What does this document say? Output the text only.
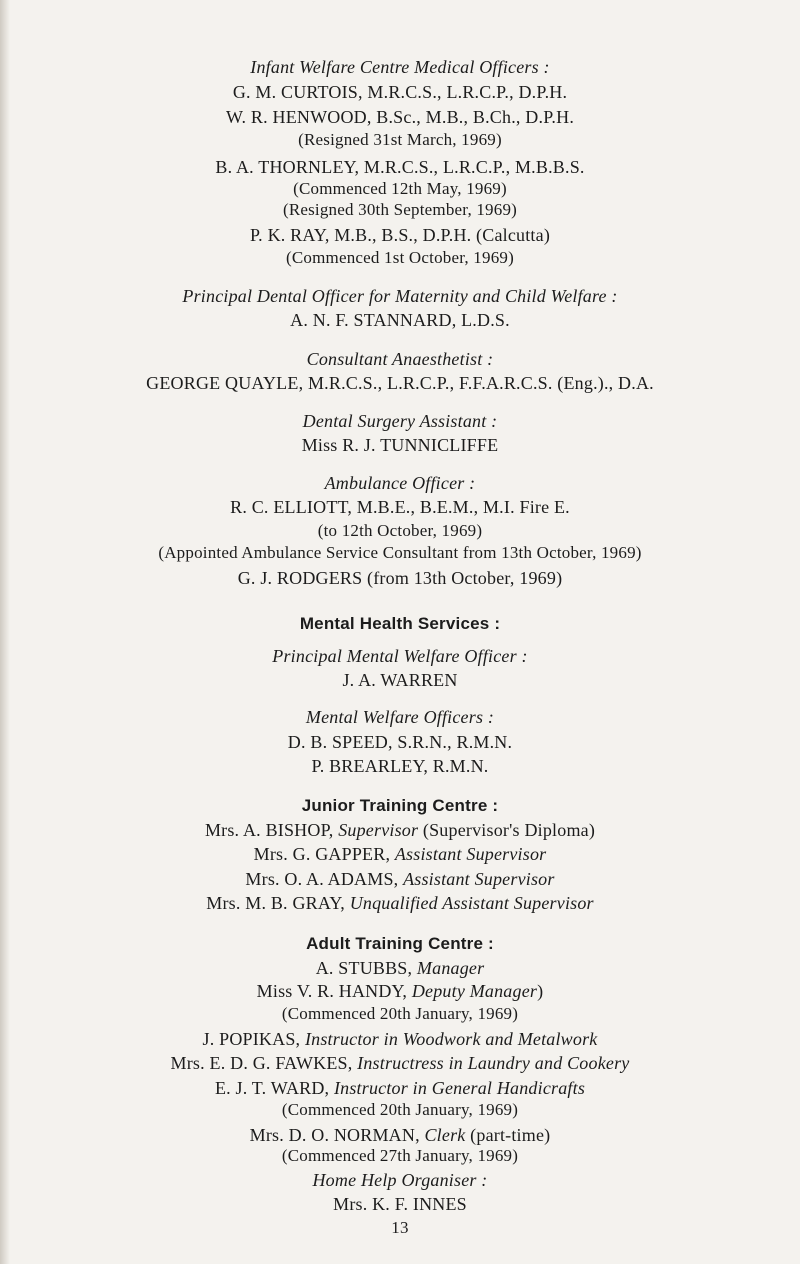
Infant Welfare Centre Medical Officers :
G. M. CURTOIS, M.R.C.S., L.R.C.P., D.P.H.
W. R. HENWOOD, B.Sc., M.B., B.Ch., D.P.H.
(Resigned 31st March, 1969)
B. A. THORNLEY, M.R.C.S., L.R.C.P., M.B.B.S.
(Commenced 12th May, 1969)
(Resigned 30th September, 1969)
P. K. RAY, M.B., B.S., D.P.H. (Calcutta)
(Commenced 1st October, 1969)
Principal Dental Officer for Maternity and Child Welfare :
A. N. F. STANNARD, L.D.S.
Consultant Anaesthetist :
GEORGE QUAYLE, M.R.C.S., L.R.C.P., F.F.A.R.C.S. (Eng.)., D.A.
Dental Surgery Assistant :
Miss R. J. TUNNICLIFFE
Ambulance Officer :
R. C. ELLIOTT, M.B.E., B.E.M., M.I. Fire E.
(to 12th October, 1969)
(Appointed Ambulance Service Consultant from 13th October, 1969)
G. J. RODGERS (from 13th October, 1969)
Mental Health Services :
Principal Mental Welfare Officer :
J. A. WARREN
Mental Welfare Officers :
D. B. SPEED, S.R.N., R.M.N.
P. BREARLEY, R.M.N.
Junior Training Centre :
Mrs. A. BISHOP, Supervisor (Supervisor's Diploma)
Mrs. G. GAPPER, Assistant Supervisor
Mrs. O. A. ADAMS, Assistant Supervisor
Mrs. M. B. GRAY, Unqualified Assistant Supervisor
Adult Training Centre :
A. STUBBS, Manager
Miss V. R. HANDY, Deputy Manager)
(Commenced 20th January, 1969)
J. POPIKAS, Instructor in Woodwork and Metalwork
Mrs. E. D. G. FAWKES, Instructress in Laundry and Cookery
E. J. T. WARD, Instructor in General Handicrafts
(Commenced 20th January, 1969)
Mrs. D. O. NORMAN, Clerk (part-time)
(Commenced 27th January, 1969)
Home Help Organiser :
Mrs. K. F. INNES
13
